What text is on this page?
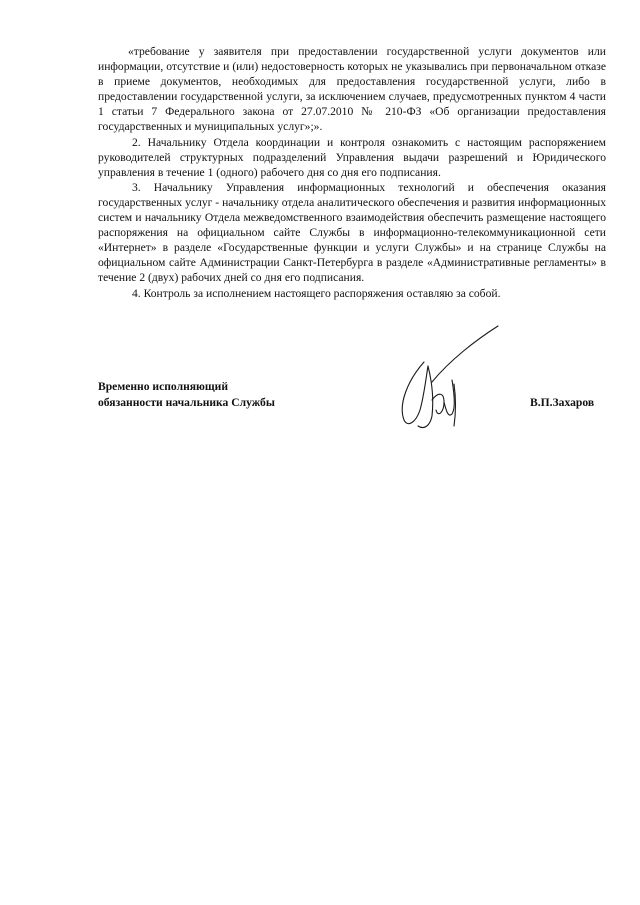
«требование у заявителя при предоставлении государственной услуги документов или информации, отсутствие и (или) недостоверность которых не указывались при первоначальном отказе в приеме документов, необходимых для предоставления государственной услуги, либо в предоставлении государственной услуги, за исключением случаев, предусмотренных пунктом 4 части 1 статьи 7 Федерального закона от 27.07.2010 № 210-ФЗ «Об организации предоставления государственных и муниципальных услуг»;».

2. Начальнику Отдела координации и контроля ознакомить с настоящим распоряжением руководителей структурных подразделений Управления выдачи разрешений и Юридического управления в течение 1 (одного) рабочего дня со дня его подписания.

3. Начальнику Управления информационных технологий и обеспечения оказания государственных услуг - начальнику отдела аналитического обеспечения и развития информационных систем и начальнику Отдела межведомственного взаимодействия обеспечить размещение настоящего распоряжения на официальном сайте Службы в информационно-телекоммуникационной сети «Интернет» в разделе «Государственные функции и услуги Службы» и на странице Службы на официальном сайте Администрации Санкт-Петербурга в разделе «Административные регламенты» в течение 2 (двух) рабочих дней со дня его подписания.

4. Контроль за исполнением настоящего распоряжения оставляю за собой.

Временно исполняющий
обязанности начальника Службы	В.П.Захаров
